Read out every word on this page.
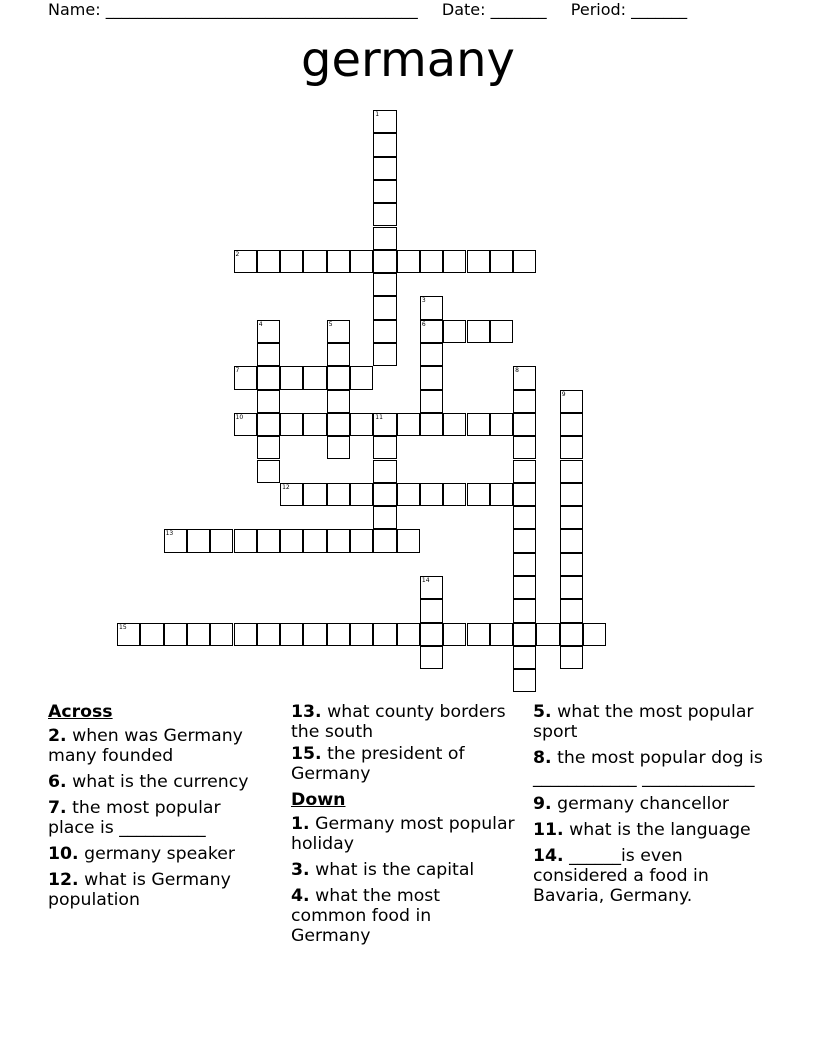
Name: _______________________________________ Date: _______ Period: _______
germany
1
2
3
6
4	5
7	8
9
10	11
12
13
14
15
Across
2. when was Germany many founded
6. what is the currency
7. the most popular place is __________
10. germany speaker
12. what is Germany population
13. what county borders the south
15. the president of Germany
Down
1. Germany most popular holiday
3. what is the capital
4. what the most common food in Germany
5. what the most popular sport
8. the most popular dog is ____________ _____________
9. germany chancellor
11. what is the language
14. ______is even considered a food in Bavaria, Germany.
